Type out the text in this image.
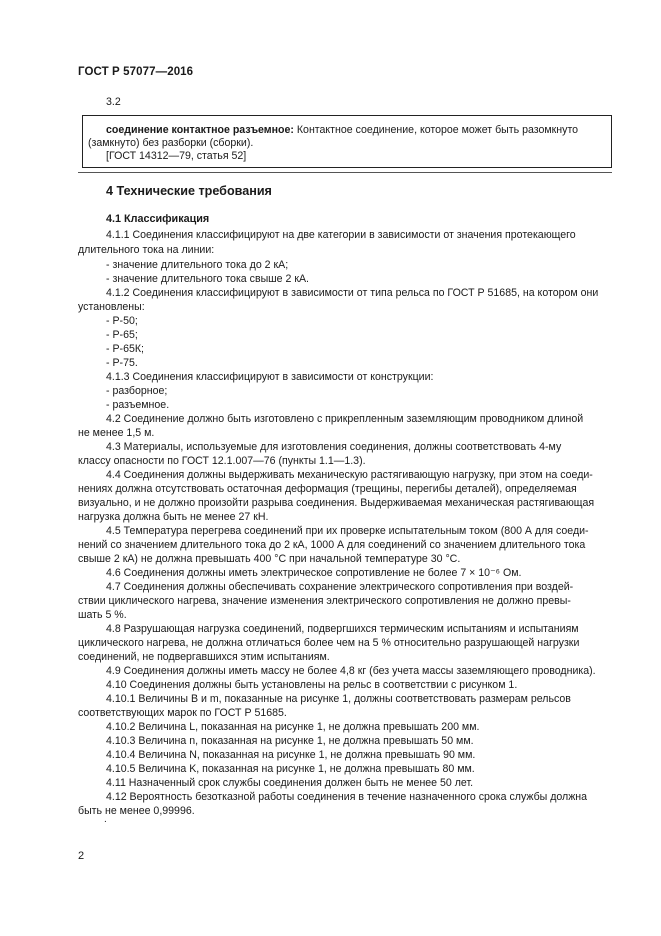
ГОСТ Р 57077—2016
3.2
соединение контактное разъемное: Контактное соединение, которое может быть разомкнуто
(замкнуто) без разборки (сборки).
[ГОСТ 14312—79, статья 52]
4 Технические требования
4.1 Классификация
4.1.1 Соединения классифицируют на две категории в зависимости от значения протекающего
длительного тока на линии:
- значение длительного тока до 2 кА;
- значение длительного тока свыше 2 кА.
4.1.2 Соединения классифицируют в зависимости от типа рельса по ГОСТ Р 51685, на котором они
установлены:
- Р-50;
- Р-65;
- Р-65К;
- Р-75.
4.1.3 Соединения классифицируют в зависимости от конструкции:
- разборное;
- разъемное.
4.2 Соединение должно быть изготовлено с прикрепленным заземляющим проводником длиной
не менее 1,5 м.
4.3 Материалы, используемые для изготовления соединения, должны соответствовать 4-му
классу опасности по ГОСТ 12.1.007—76 (пункты 1.1—1.3).
4.4 Соединения должны выдерживать механическую растягивающую нагрузку, при этом на соеди-
нениях должна отсутствовать остаточная деформация (трещины, перегибы деталей), определяемая
визуально, и не должно произойти разрыва соединения. Выдерживаемая механическая растягивающая
нагрузка должна быть не менее 27 кН.
4.5 Температура перегрева соединений при их проверке испытательным током (800 А для соеди-
нений со значением длительного тока до 2 кА, 1000 А для соединений со значением длительного тока
свыше 2 кА) не должна превышать 400 °С при начальной температуре 30 °С.
4.6 Соединения должны иметь электрическое сопротивление не более 7 × 10⁻⁶ Ом.
4.7 Соединения должны обеспечивать сохранение электрического сопротивления при воздей-
ствии циклического нагрева, значение изменения электрического сопротивления не должно превы-
шать 5 %.
4.8 Разрушающая нагрузка соединений, подвергшихся термическим испытаниям и испытаниям
циклического нагрева, не должна отличаться более чем на 5 % относительно разрушающей нагрузки
соединений, не подвергавшихся этим испытаниям.
4.9 Соединения должны иметь массу не более 4,8 кг (без учета массы заземляющего проводника).
4.10 Соединения должны быть установлены на рельс в соответствии с рисунком 1.
4.10.1 Величины B и m, показанные на рисунке 1, должны соответствовать размерам рельсов
соответствующих марок по ГОСТ Р 51685.
4.10.2 Величина L, показанная на рисунке 1, не должна превышать 200 мм.
4.10.3 Величина n, показанная на рисунке 1, не должна превышать 50 мм.
4.10.4 Величина N, показанная на рисунке 1, не должна превышать 90 мм.
4.10.5 Величина K, показанная на рисунке 1, не должна превышать 80 мм.
4.11 Назначенный срок службы соединения должен быть не менее 50 лет.
4.12 Вероятность безотказной работы соединения в течение назначенного срока службы должна
быть не менее 0,99996.
.
2
